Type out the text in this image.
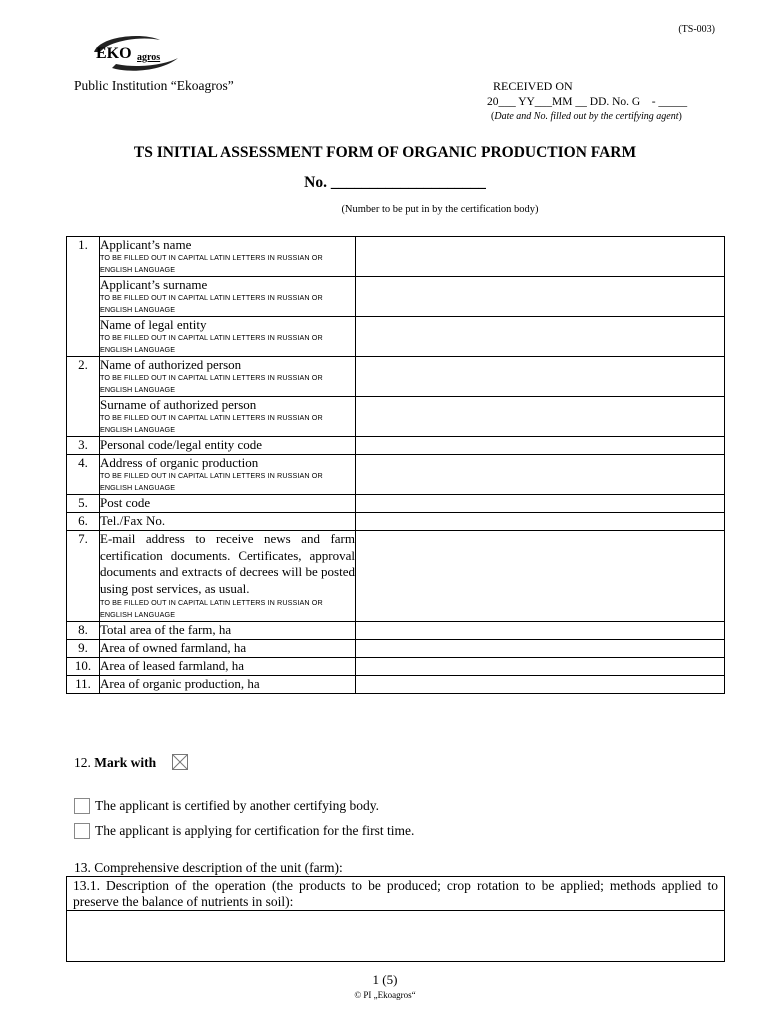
(TS-003)
EKO agros
Public Institution “Ekoagros”	RECEIVED ON
20___ YY___MM __ DD. No. G    - _____
(Date and No. filled out by the certifying agent)
TS INITIAL ASSESSMENT FORM OF ORGANIC PRODUCTION FARM
No. ____________________
(Number to be put in by the certification body)
1.	Applicant’s name
TO BE FILLED OUT IN CAPITAL LATIN LETTERS IN RUSSIAN OR ENGLISH LANGUAGE	

	Applicant’s surname
TO BE FILLED OUT IN CAPITAL LATIN LETTERS IN RUSSIAN OR ENGLISH LANGUAGE	

	Name of legal entity
TO BE FILLED OUT IN CAPITAL LATIN LETTERS IN RUSSIAN OR ENGLISH LANGUAGE	

2.	Name of authorized person
TO BE FILLED OUT IN CAPITAL LATIN LETTERS IN RUSSIAN OR ENGLISH LANGUAGE	

	Surname of authorized person
TO BE FILLED OUT IN CAPITAL LATIN LETTERS IN RUSSIAN OR ENGLISH LANGUAGE	

3.	Personal code/legal entity code	

4.	Address of organic production
TO BE FILLED OUT IN CAPITAL LATIN LETTERS IN RUSSIAN OR ENGLISH LANGUAGE	

5.	Post code	

6.	Tel./Fax No.	

7.	E-mail address to receive news and farm certification documents. Certificates, approval documents and extracts of decrees will be posted using post services, as usual.
TO BE FILLED OUT IN CAPITAL LATIN LETTERS IN RUSSIAN OR ENGLISH LANGUAGE	

8.	Total area of the farm, ha	

9.	Area of owned farmland, ha	

10.	Area of leased farmland, ha	

11.	Area of organic production, ha	

12. Mark with
The applicant is certified by another certifying body.
The applicant is applying for certification for the first time.
13. Comprehensive description of the unit (farm):
13.1. Description of the operation (the products to be produced; crop rotation to be applied; methods applied to preserve the balance of nutrients in soil):
1 (5)
© PI „Ekoagros“
